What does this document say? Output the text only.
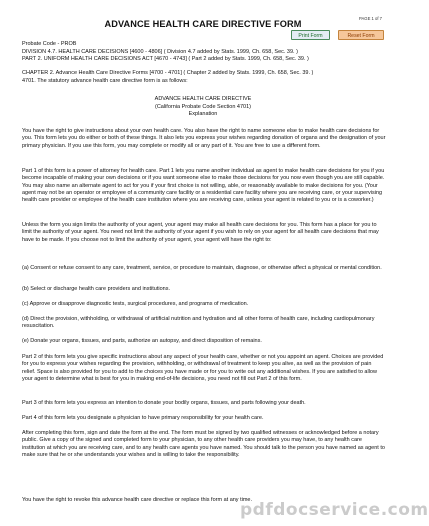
ADVANCE HEALTH CARE DIRECTIVE FORM
PAGE 1 of 7
Print Form	Reset Form

Probate Code - PROB

DIVISION 4.7. HEALTH CARE DECISIONS [4600 - 4806] ( Division 4.7 added by Stats. 1999, Ch. 658, Sec. 39. )

PART 2. UNIFORM HEALTH CARE DECISIONS ACT [4670 - 4743] ( Part 2 added by Stats. 1999, Ch. 658, Sec. 39. )

CHAPTER 2. Advance Health Care Directive Forms [4700 - 4701] ( Chapter 2 added by Stats. 1999, Ch. 658, Sec. 39. )

4701. The statutory advance health care directive form is as follows:

ADVANCE HEALTH CARE DIRECTIVE

(California Probate Code Section 4701)

Explanation

You have the right to give instructions about your own health care. You also have the right to name someone else to make health care decisions for you. This form lets you do either or both of these things. It also lets you express your wishes regarding donation of organs and the designation of your primary physician. If you use this form, you may complete or modify all or any part of it. You are free to use a different form.

Part 1 of this form is a power of attorney for health care. Part 1 lets you name another individual as agent to make health care decisions for you if you become incapable of making your own decisions or if you want someone else to make those decisions for you now even though you are still capable. You may also name an alternate agent to act for you if your first choice is not willing, able, or reasonably available to make decisions for you. (Your agent may not be an operator or employee of a community care facility or a residential care facility where you are receiving care, or your supervising health care provider or employee of the health care institution where you are receiving care, unless your agent is related to you or is a coworker.)

Unless the form you sign limits the authority of your agent, your agent may make all health care decisions for you. This form has a place for you to limit the authority of your agent. You need not limit the authority of your agent if you wish to rely on your agent for all health care decisions that may have to be made. If you choose not to limit the authority of your agent, your agent will have the right to:

(a) Consent or refuse consent to any care, treatment, service, or procedure to maintain, diagnose, or otherwise affect a physical or mental condition.

(b) Select or discharge health care providers and institutions.

(c) Approve or disapprove diagnostic tests, surgical procedures, and programs of medication.

(d) Direct the provision, withholding, or withdrawal of artificial nutrition and hydration and all other forms of health care, including cardiopulmonary resuscitation.

(e) Donate your organs, tissues, and parts, authorize an autopsy, and direct disposition of remains.

Part 2 of this form lets you give specific instructions about any aspect of your health care, whether or not you appoint an agent. Choices are provided for you to express your wishes regarding the provision, withholding, or withdrawal of treatment to keep you alive, as well as the provision of pain relief. Space is also provided for you to add to the choices you have made or for you to write out any additional wishes. If you are satisfied to allow your agent to determine what is best for you in making end-of-life decisions, you need not fill out Part 2 of this form.

Part 3 of this form lets you express an intention to donate your bodily organs, tissues, and parts following your death.

Part 4 of this form lets you designate a physician to have primary responsibility for your health care.

After completing this form, sign and date the form at the end. The form must be signed by two qualified witnesses or acknowledged before a notary public. Give a copy of the signed and completed form to your physician, to any other health care providers you may have, to any health care institution at which you are receiving care, and to any health care agents you have named. You should talk to the person you have named as agent to make sure that he or she understands your wishes and is willing to take the responsibility.

You have the right to revoke this advance health care directive or replace this form at any time.

pdfdocservice.com
